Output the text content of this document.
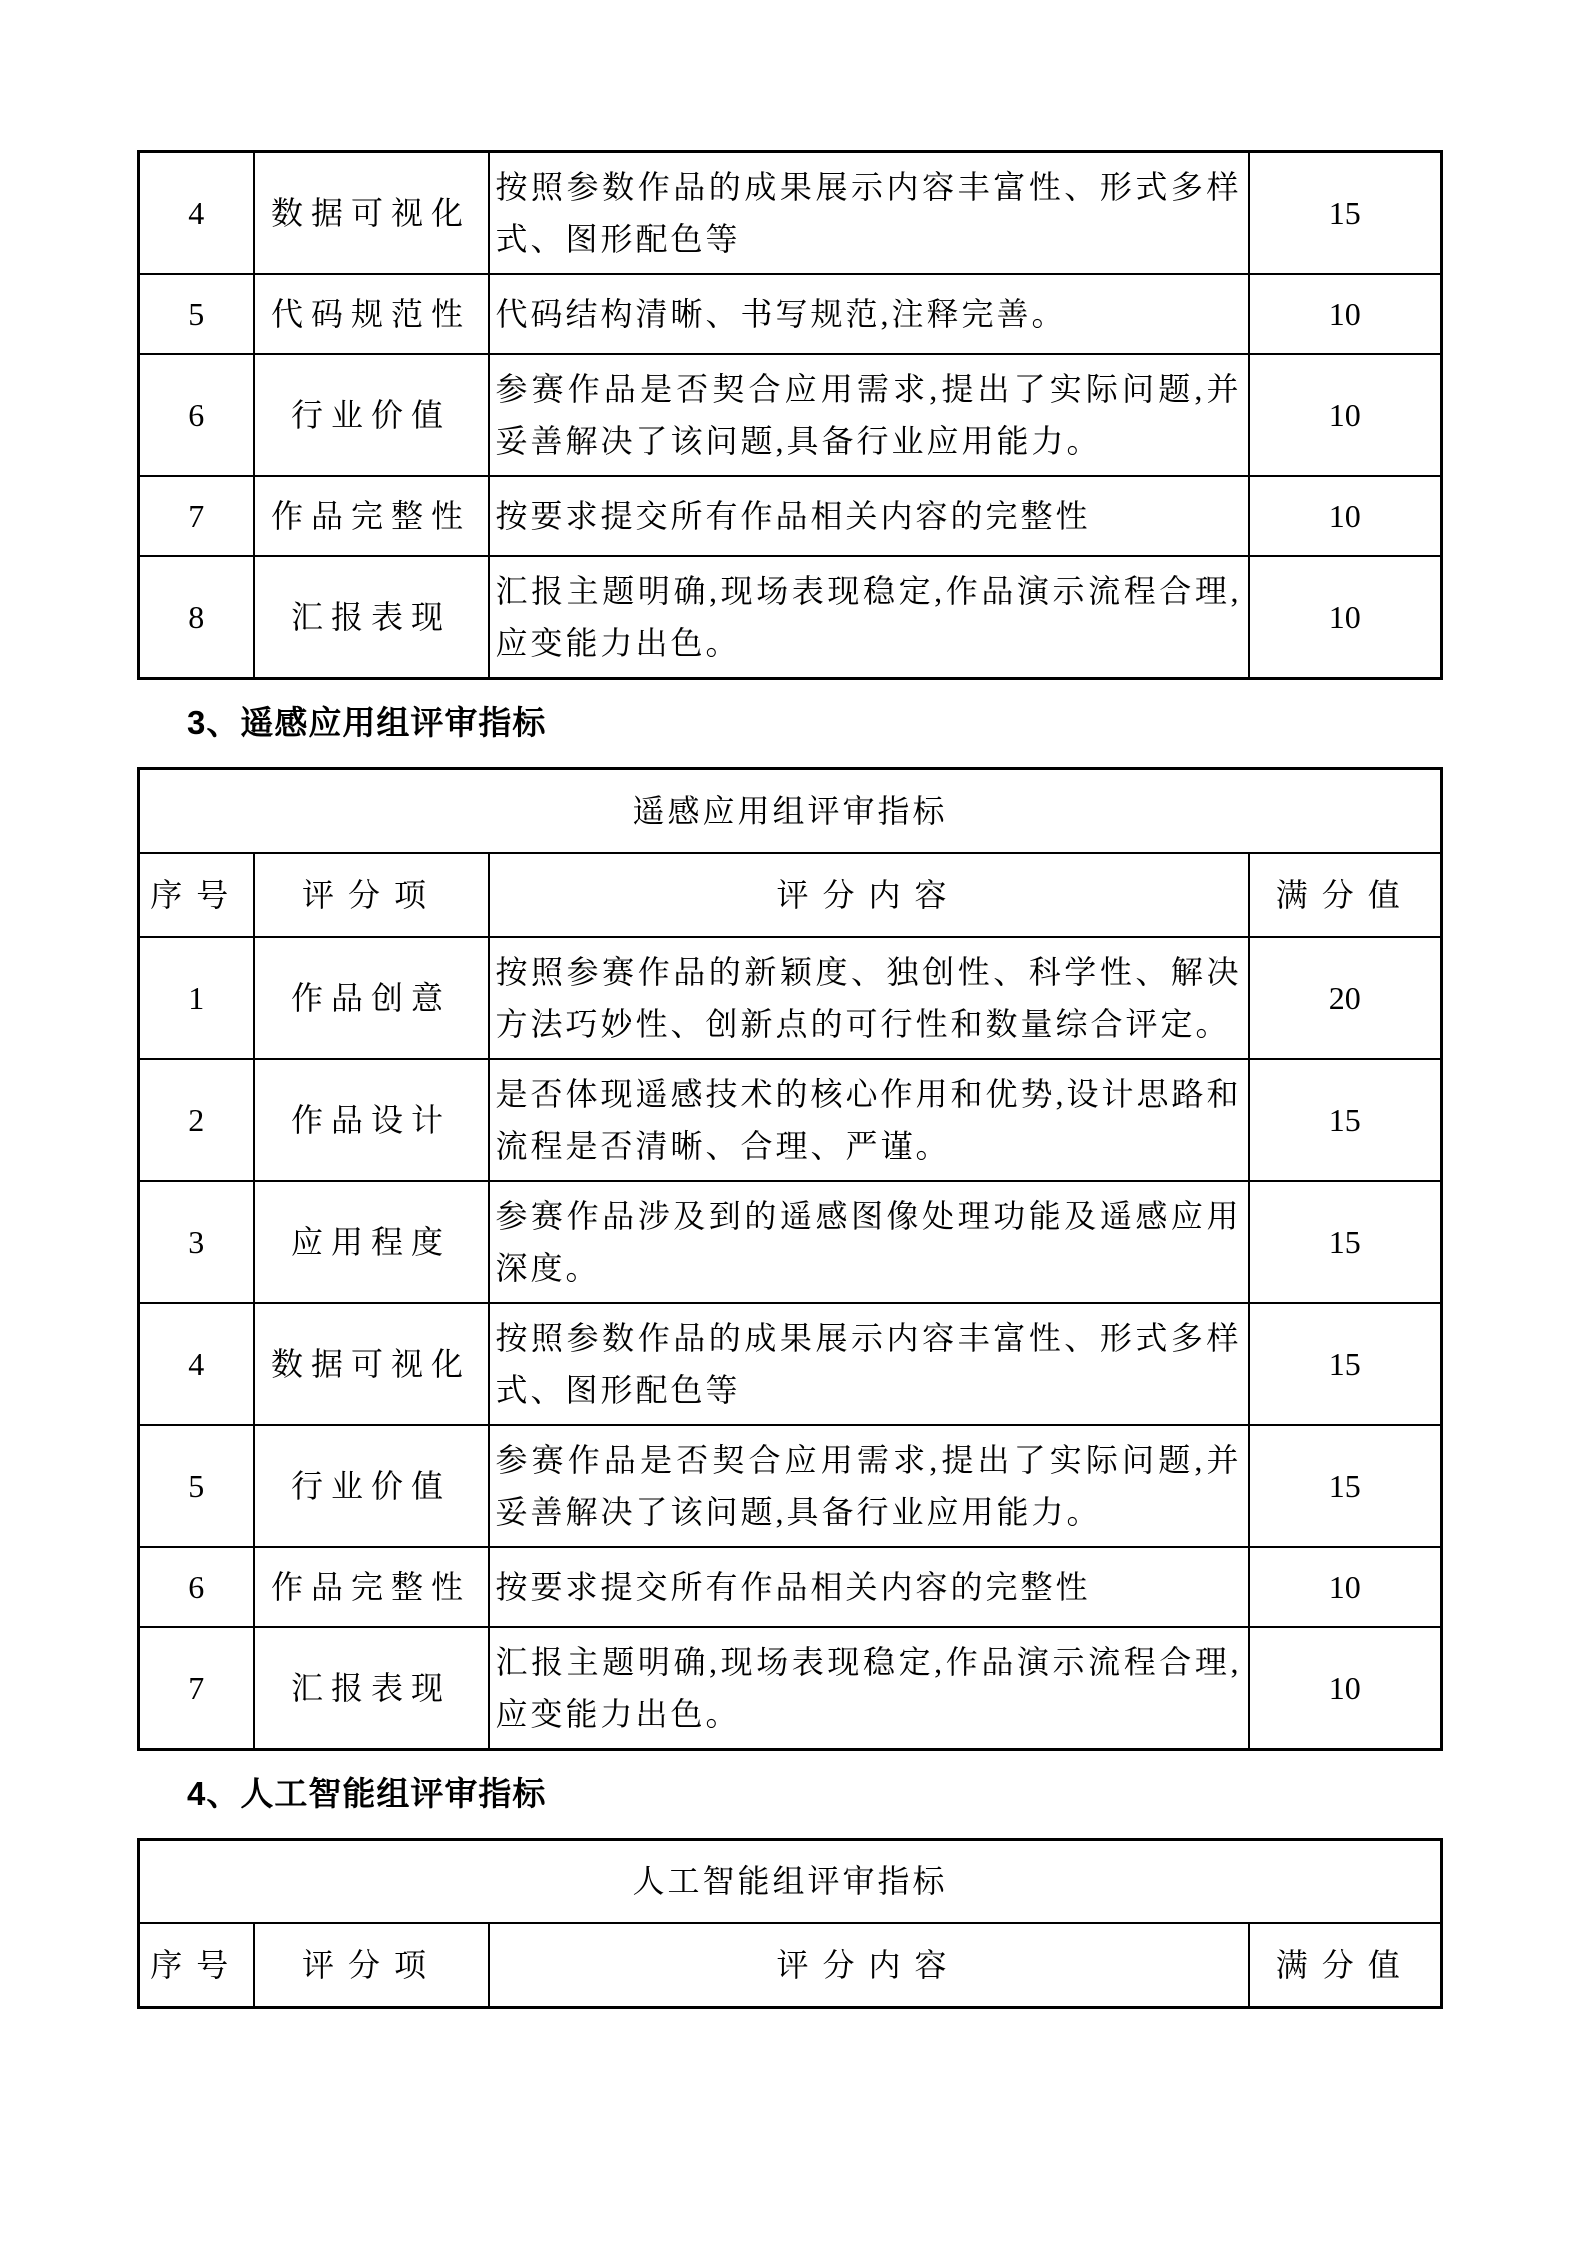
4	数据可视化	按照参数作品的成果展示内容丰富性、形式多样式、图形配色等	15
5	代码规范性	代码结构清晰、书写规范,注释完善。	10
6	行业价值	参赛作品是否契合应用需求,提出了实际问题,并妥善解决了该问题,具备行业应用能力。	10
7	作品完整性	按要求提交所有作品相关内容的完整性	10
8	汇报表现	汇报主题明确,现场表现稳定,作品演示流程合理,应变能力出色。	10
3、遥感应用组评审指标
遥感应用组评审指标			
序号	评分项	评分内容	满分值
1	作品创意	按照参赛作品的新颖度、独创性、科学性、解决方法巧妙性、创新点的可行性和数量综合评定。	20
2	作品设计	是否体现遥感技术的核心作用和优势,设计思路和流程是否清晰、合理、严谨。	15
3	应用程度	参赛作品涉及到的遥感图像处理功能及遥感应用深度。	15
4	数据可视化	按照参数作品的成果展示内容丰富性、形式多样式、图形配色等	15
5	行业价值	参赛作品是否契合应用需求,提出了实际问题,并妥善解决了该问题,具备行业应用能力。	15
6	作品完整性	按要求提交所有作品相关内容的完整性	10
7	汇报表现	汇报主题明确,现场表现稳定,作品演示流程合理,应变能力出色。	10
4、人工智能组评审指标
人工智能组评审指标
序号	评分项	评分内容	满分值
